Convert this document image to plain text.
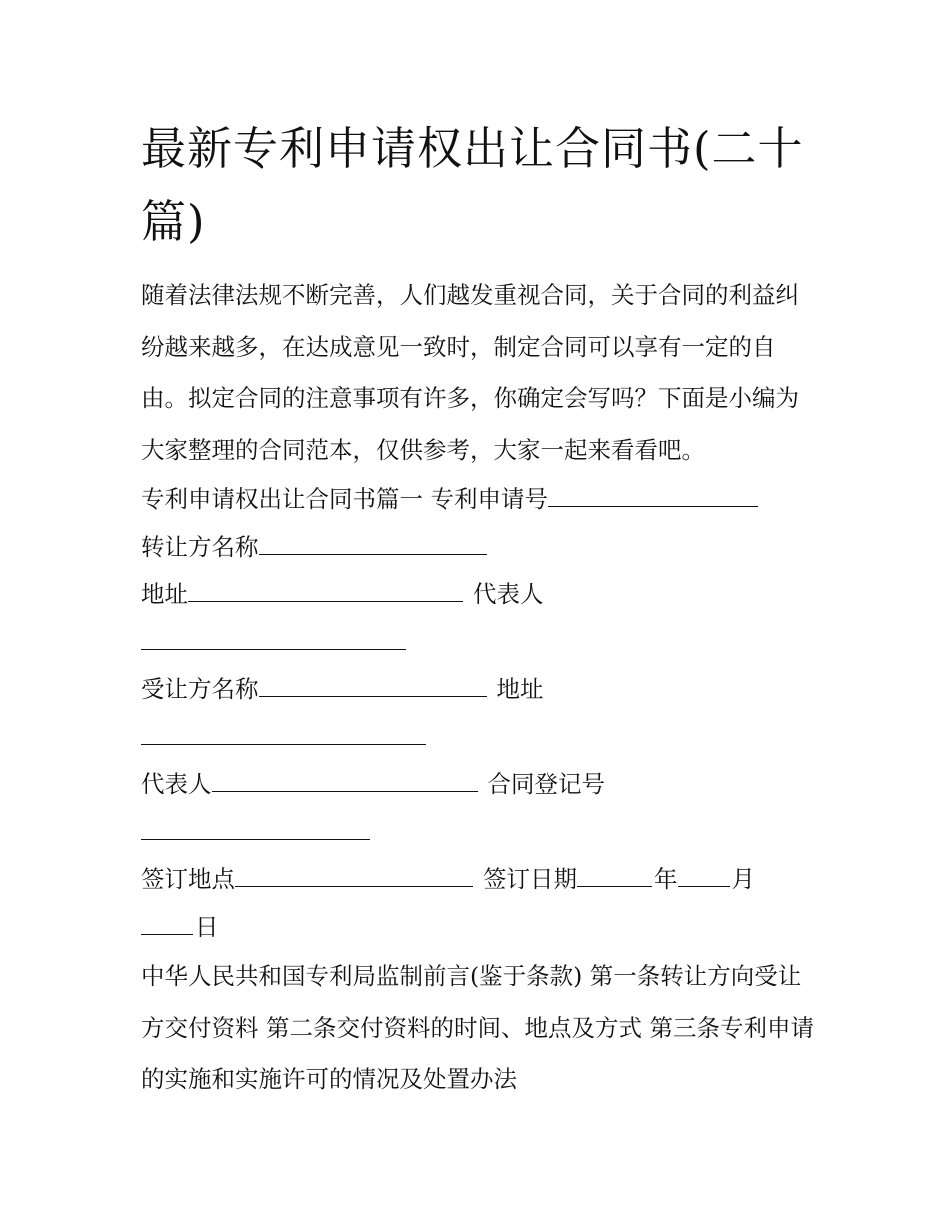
最新专利申请权出让合同书(二十篇)

随着法律法规不断完善，人们越发重视合同，关于合同的利益纠纷越来越多，在达成意见一致时，制定合同可以享有一定的自由。拟定合同的注意事项有许多，你确定会写吗？下面是小编为大家整理的合同范本，仅供参考，大家一起来看看吧。

专利申请权出让合同书篇一 专利申请号

转让方名称

地址	代表人

受让方名称	地址

代表人	合同登记号

签订地点	签订日期	年 月

日

中华人民共和国专利局监制前言(鉴于条款) 第一条转让方向受让方交付资料 第二条交付资料的时间、地点及方式 第三条专利申请的实施和实施许可的情况及处置办法
